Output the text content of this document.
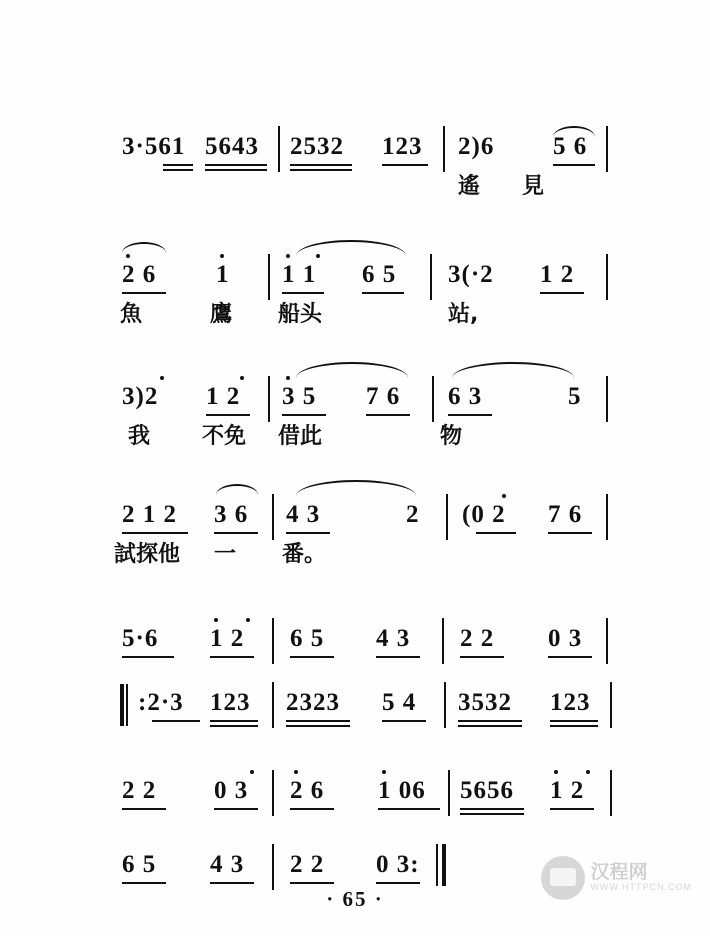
3·561 5643 2532 123 2)6 5 6
遙 見
2 6 1 1 1 6 5 3(·2 1 2
魚	鷹 船头	站,
3)2 1 2 3 5 7 6 6 3	5
我 不免 借此	物
2 1 2 3 6 4 3	2 (0 2 7 6
試探他 一 番。
5·6 1 2 6 5 4 3 2 2 0 3
:2·3 123 2323 5 4 3532 123
2 2 0 3 2 6 1 06 5656 1 2
6 5 4 3 2 2 0 3:
· 65 ·
汉程网
WWW.HTTPCN.COM
